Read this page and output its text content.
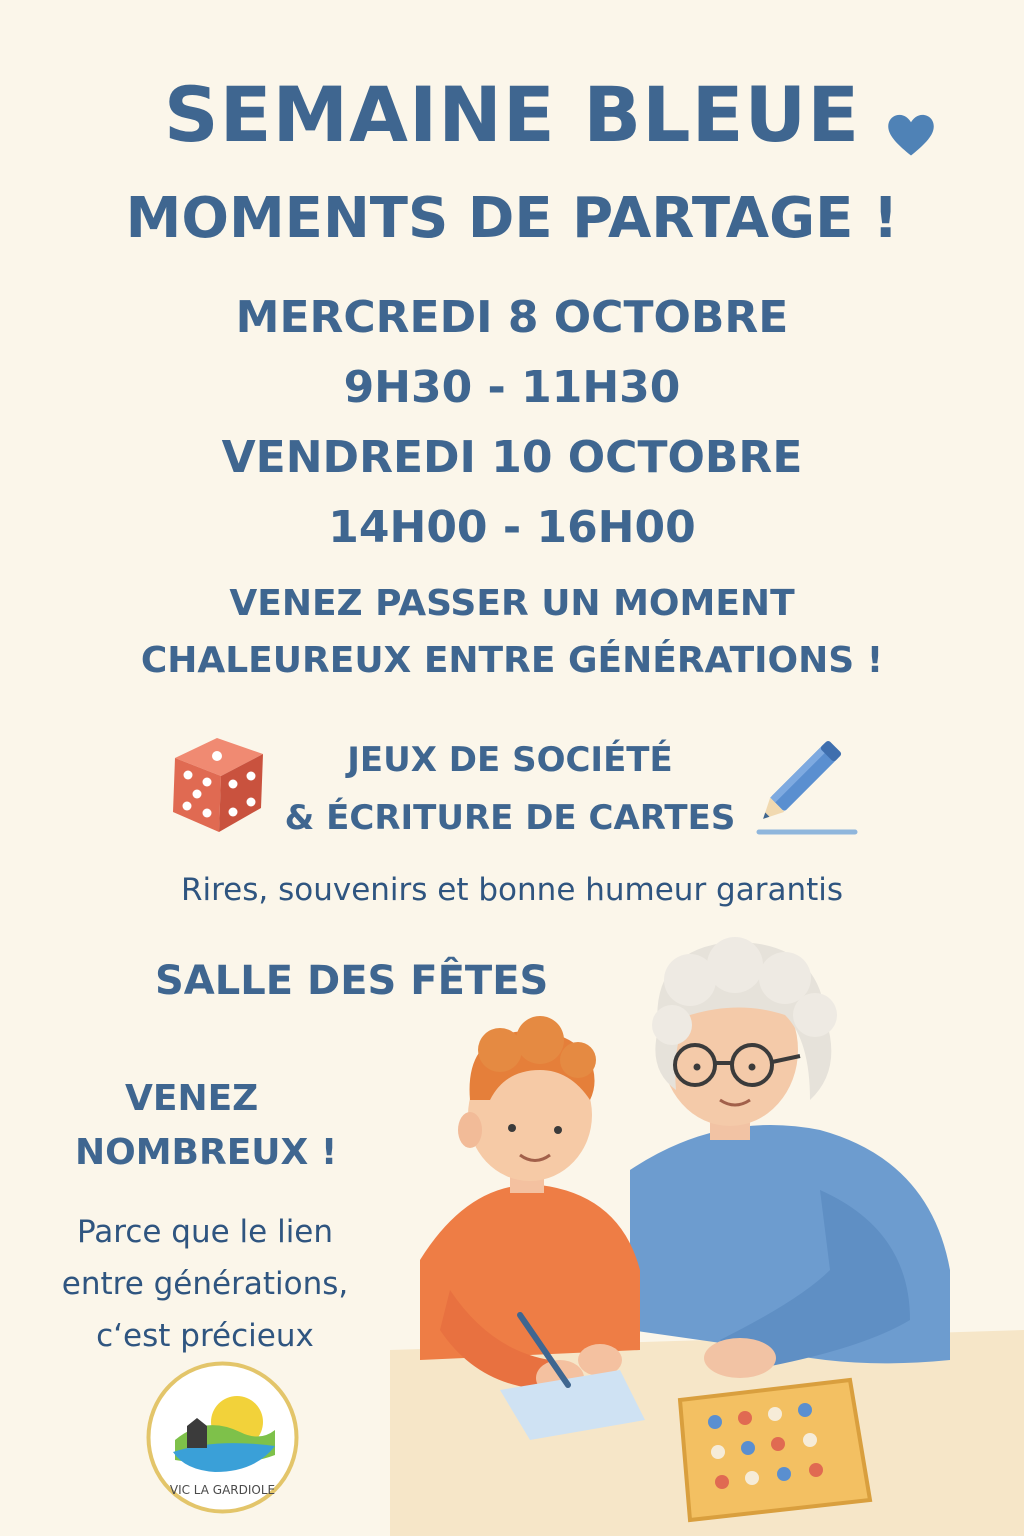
SEMAINE BLEUE
MOMENTS DE PARTAGE !

MERCREDI 8 OCTOBRE

9H30 - 11H30

VENDREDI 10 OCTOBRE

14H00 - 16H00

VENEZ PASSER UN MOMENT

CHALEUREUX ENTRE GÉNÉRATIONS !

JEUX DE SOCIÉTÉ

& ÉCRITURE DE CARTES

Rires, souvenirs et bonne humeur garantis

SALLE DES FÊTES

VENEZ

NOMBREUX !

Parce que le lien
entre générations,
c‘est précieux
VIC LA GARDIOLE
